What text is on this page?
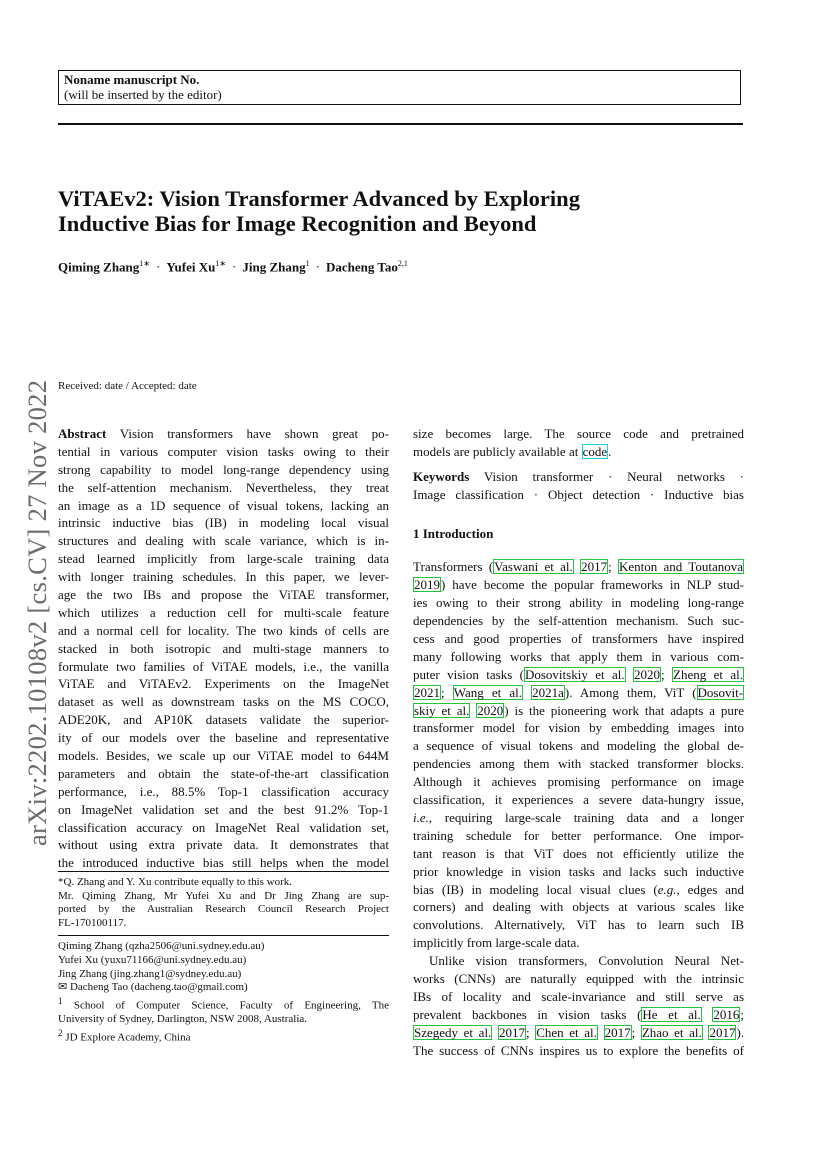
arXiv:2202.10108v2 [cs.CV] 27 Nov 2022
Noname manuscript No.
(will be inserted by the editor)
ViTAEv2: Vision Transformer Advanced by Exploring
Inductive Bias for Image Recognition and Beyond
Qiming Zhang$^{1∗}$ · Yufei $Xu^{1∗}$ · Jing Zhang$^1$ · Dacheng Tao$^{2,1}$
Received: date / Accepted: date
Abstract Vision transformers have shown great po-
tential in various computer vision tasks owing to their
strong capability to model long-range dependency using
the self-attention mechanism. Nevertheless, they treat
an image as a 1D sequence of visual tokens, lacking an
intrinsic inductive bias (IB) in modeling local visual
structures and dealing with scale variance, which is in-
stead learned implicitly from large-scale training data
with longer training schedules. In this paper, we lever-
age the two IBs and propose the ViTAE transformer,
which utilizes a reduction cell for multi-scale feature
and a normal cell for locality. The two kinds of cells are
stacked in both isotropic and multi-stage manners to
formulate two families of ViTAE models, i.e., the vanilla
ViTAE and ViTAEv2. Experiments on the ImageNet
dataset as well as downstream tasks on the MS COCO,
ADE20K, and AP10K datasets validate the superior-
ity of our models over the baseline and representative
models. Besides, we scale up our ViTAE model to 644M
parameters and obtain the state-of-the-art classification
performance, i.e., 88.5% Top-1 classification accuracy
on ImageNet validation set and the best 91.2% Top-1
classification accuracy on ImageNet Real validation set,
without using extra private data. It demonstrates that
the introduced inductive bias still helps when the model
*Q. Zhang and Y. Xu contribute equally to this work.
Mr. Qiming Zhang, Mr Yufei Xu and Dr Jing Zhang are sup-
ported by the Australian Research Council Research Project
FL-170100117.
Qiming Zhang (qzha2506@uni.sydney.edu.au)
Yufei Xu (yuxu71166@uni.sydney.edu.au)
Jing Zhang (jing.zhang1@sydney.edu.au)
✉ Dacheng Tao (dacheng.tao@gmail.com)
$^1$ School of Computer Science, Faculty of Engineering, The
University of Sydney, Darlington, NSW 2008, Australia.
$^2$ JD Explore Academy, China
size becomes large. The source code and pretrained
models are publicly available at code.
Keywords Vision transformer · Neural networks ·
Image classification · Object detection · Inductive bias
1 Introduction
Transformers (Vaswani et al. 2017; Kenton and Toutanova
2019) have become the popular frameworks in NLP stud-
ies owing to their strong ability in modeling long-range
dependencies by the self-attention mechanism. Such suc-
cess and good properties of transformers have inspired
many following works that apply them in various com-
puter vision tasks (Dosovitskiy et al. 2020; Zheng et al.
2021; Wang et al. 2021a). Among them, ViT (Dosovit-
skiy et al. 2020) is the pioneering work that adapts a pure
transformer model for vision by embedding images into
a sequence of visual tokens and modeling the global de-
pendencies among them with stacked transformer blocks.
Although it achieves promising performance on image
classification, it experiences a severe data-hungry issue,
i.e., requiring large-scale training data and a longer
training schedule for better performance. One impor-
tant reason is that ViT does not efficiently utilize the
prior knowledge in vision tasks and lacks such inductive
bias (IB) in modeling local visual clues (e.g., edges and
corners) and dealing with objects at various scales like
convolutions. Alternatively, ViT has to learn such IB
implicitly from large-scale data.
Unlike vision transformers, Convolution Neural Net-
works (CNNs) are naturally equipped with the intrinsic
IBs of locality and scale-invariance and still serve as
prevalent backbones in vision tasks (He et al. 2016;
Szegedy et al. 2017; Chen et al. 2017; Zhao et al. 2017).
The success of CNNs inspires us to explore the benefits of
